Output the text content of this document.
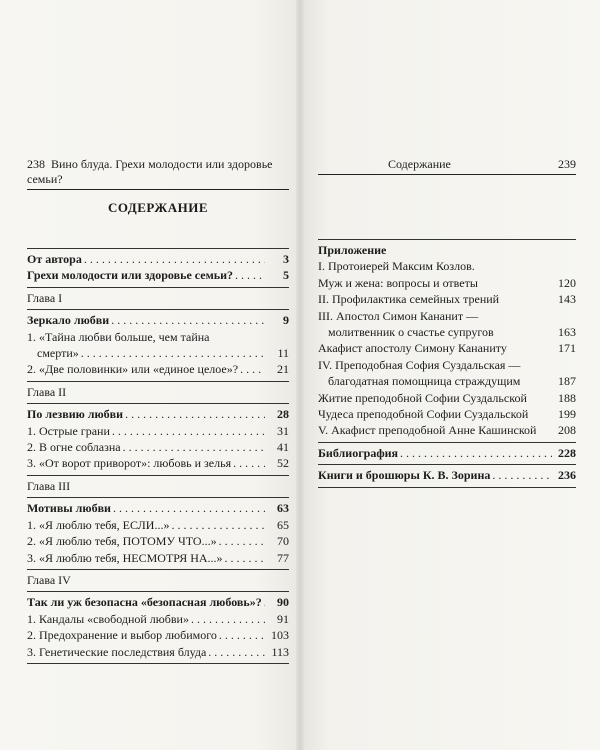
238 Вино блуда. Грехи молодости или здоровье семьи?
СОДЕРЖАНИЕ
От автора . . .	3
Грехи молодости или здоровье семьи? . . .	5
Глава I
Зеркало любви . . .	9
1. «Тайна любви больше, чем тайна
смерти» . . .	11
2. «Две половинки» или «единое целое»? . . .	21
Глава II
По лезвию любви . . .	28
1. Острые грани . . .	31
2. В огне соблазна . . .	41
3. «От ворот приворот»: любовь и зелья . . .	52
Глава III
Мотивы любви . . .	63
1. «Я люблю тебя, ЕСЛИ...» . . .	65
2. «Я люблю тебя, ПОТОМУ ЧТО...» . . .	70
3. «Я люблю тебя, НЕСМОТРЯ НА...» . . .	77
Глава IV
Так ли уж безопасна «безопасная любовь»? . . .	90
1. Кандалы «свободной любви» . . .	91
2. Предохранение и выбор любимого . . .	103
3. Генетические последствия блуда . . .	113
Содержание	239

Приложение
I. Протоиерей Максим Козлов.
Муж и жена: вопросы и ответы	120
II. Профилактика семейных трений	143
III. Апостол Симон Кананит —
молитвенник о счастье супругов	163
Акафист апостолу Симону Кананиту	171
IV. Преподобная София Суздальская —
благодатная помощница страждущим	187
Житие преподобной Софии Суздальской	188
Чудеса преподобной Софии Суздальской	199
V. Акафист преподобной Анне Кашинской	208
Библиография . . .	228
Книги и брошюры К. В. Зорина . . .	236
